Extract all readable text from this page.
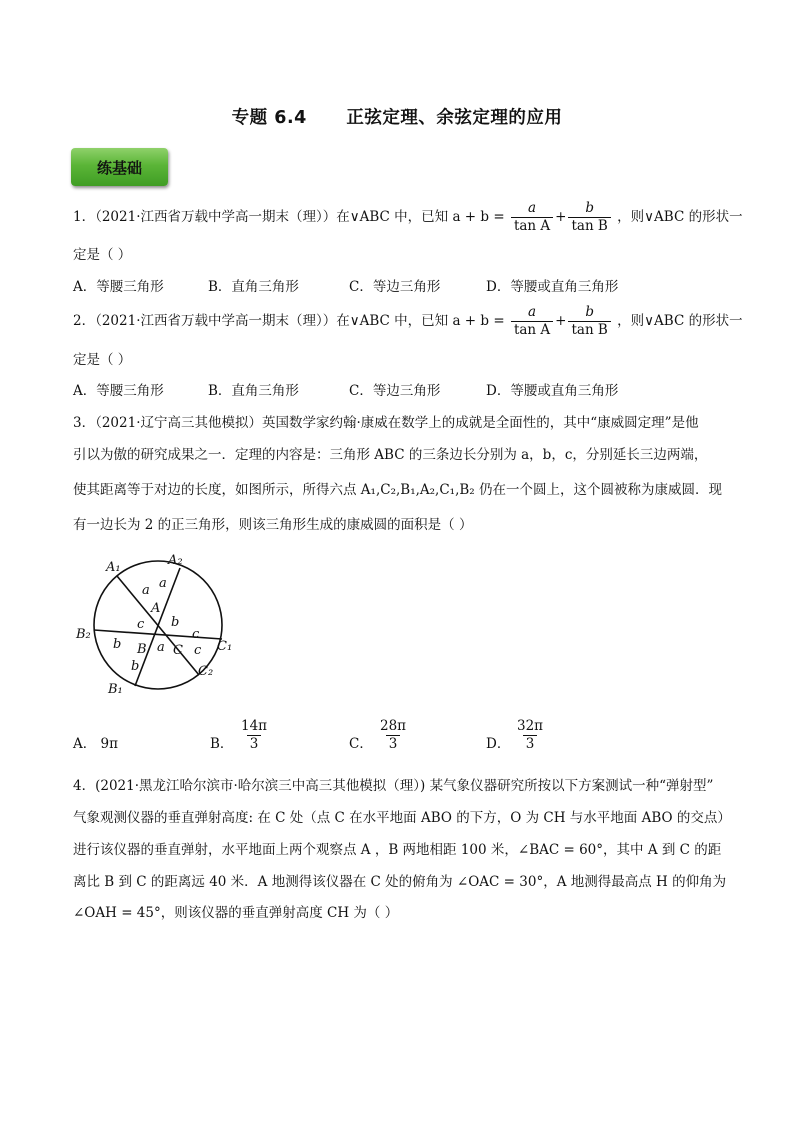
专题 6.4      正弦定理、余弦定理的应用
练基础
1．（2021·江西省万载中学高一期末（理））在∨ABC 中，已知 $a + b = \frac{a}{\text{tan A}} + \frac{b}{\text{tan B}}$ ，则∨ABC 的形状一
定是（ ）
A．等腰三角形	B．直角三角形	C．等边三角形	D．等腰或直角三角形
2．（2021·江西省万载中学高一期末（理））在∨ABC 中，已知 $a + b = \frac{a}{\text{tan A}} + \frac{b}{\text{tan B}}$ ，则∨ABC 的形状一
定是（ ）
A．等腰三角形	B．直角三角形	C．等边三角形	D．等腰或直角三角形
3．（2021·辽宁高三其他模拟）英国数学家约翰·康威在数学上的成就是全面性的，其中“康威圆定理”是他
引以为傲的研究成果之一．定理的内容是：三角形 ABC 的三条边长分别为 a，b，c，分别延长三边两端，
使其距离等于对边的长度，如图所示，所得六点 A₁,C₂,B₁,A₂,C₁,B₂ 仍在一个圆上，这个圆被称为康威圆．现
有一边长为 2 的正三角形，则该三角形生成的康威圆的面积是（ ）
A₁	A₂
A
B C
B₁
B₂
C₁
C₂
a a
a
b
b
b
c
c
c
A． 9π	B． $\frac{14\pi}{3}$	C． $\frac{28\pi}{3}$	D． $\frac{32\pi}{3}$
4．(2021·黑龙江哈尔滨市·哈尔滨三中高三其他模拟（理）) 某气象仪器研究所按以下方案测试一种“弹射型”
气象观测仪器的垂直弹射高度: 在 C 处（点 C 在水平地面 ABO 的下方，O 为 CH 与水平地面 ABO 的交点）
进行该仪器的垂直弹射，水平地面上两个观察点 A ，B 两地相距 100 米，∠BAC = 60°，其中 A 到 C 的距
离比 B 到 C 的距离远 40 米．A 地测得该仪器在 C 处的俯角为 ∠OAC = 30°，A 地测得最高点 H 的仰角为
∠OAH = 45°，则该仪器的垂直弹射高度 CH 为（ ）
